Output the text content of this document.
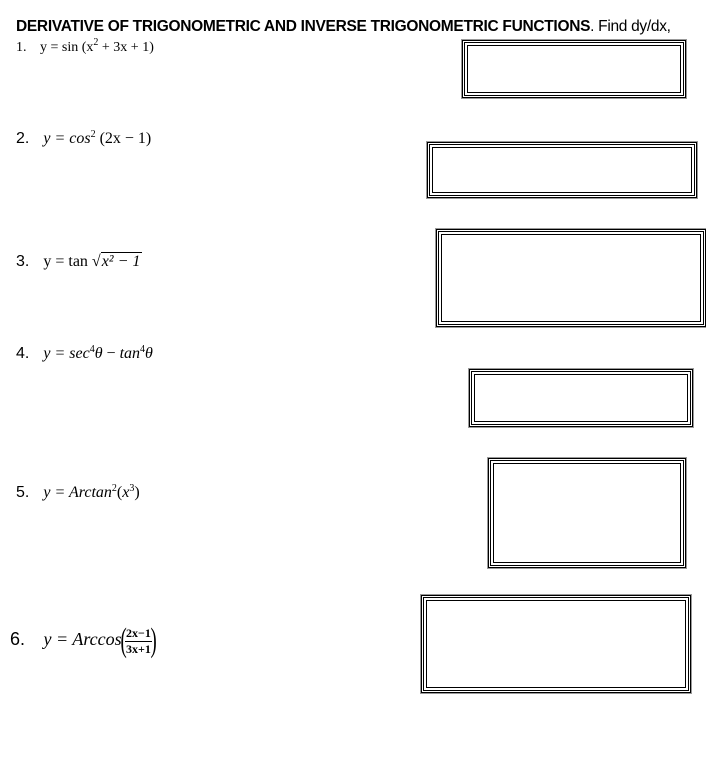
DERIVATIVE OF TRIGONOMETRIC AND INVERSE TRIGONOMETRIC FUNCTIONS. Find dy/dx,
1. $y = \sin (x^2 + 3x + 1)$
2. $y = \cos^2 (2x - 1)$
3. y = tan √x² − 1
4. $y = \sec^4\theta - \tan^4\theta$
5. $y = Arctan^2(x^3)$
6. y = Arccos
(
$\frac{2x-1}{3x+1}$
)
